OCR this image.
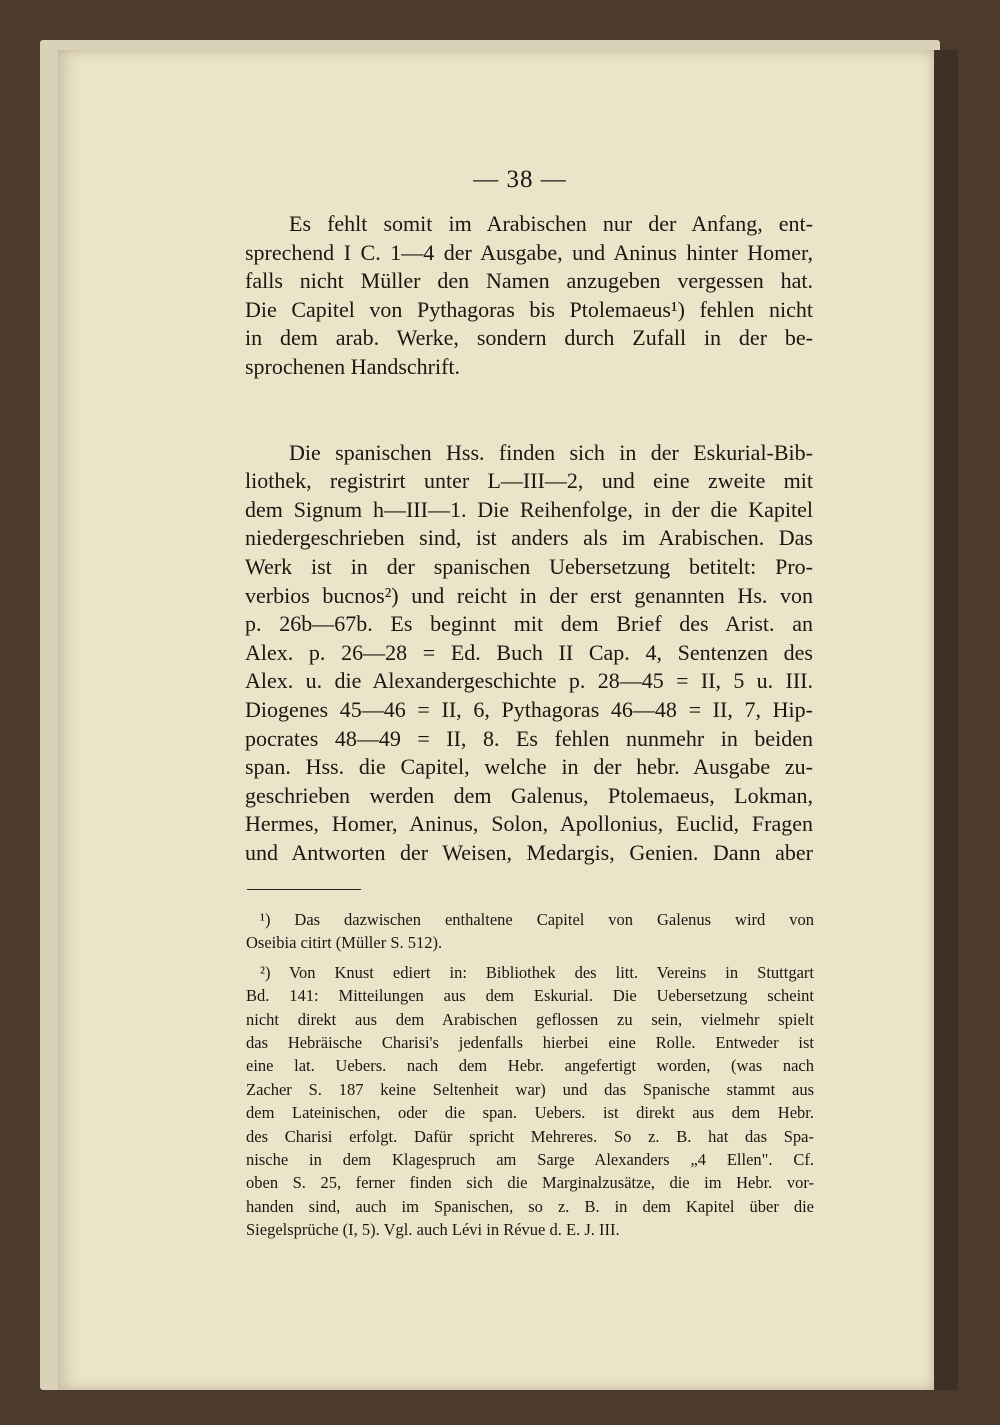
— 38 —
Es fehlt somit im Arabischen nur der Anfang, ent-
sprechend I C. 1—4 der Ausgabe, und Aninus hinter Homer,
falls nicht Müller den Namen anzugeben vergessen hat.
Die Capitel von Pythagoras bis Ptolemaeus¹) fehlen nicht
in dem arab. Werke, sondern durch Zufall in der be-
sprochenen Handschrift.
Die spanischen Hss. finden sich in der Eskurial-Bib-
liothek, registrirt unter L—III—2, und eine zweite mit
dem Signum h—III—1. Die Reihenfolge, in der die Kapitel
niedergeschrieben sind, ist anders als im Arabischen. Das
Werk ist in der spanischen Uebersetzung betitelt: Pro-
verbios bucnos²) und reicht in der erst genannten Hs. von
p. 26b—67b. Es beginnt mit dem Brief des Arist. an
Alex. p. 26—28 = Ed. Buch II Cap. 4, Sentenzen des
Alex. u. die Alexandergeschichte p. 28—45 = II, 5 u. III.
Diogenes 45—46 = II, 6, Pythagoras 46—48 = II, 7, Hip-
pocrates 48—49 = II, 8. Es fehlen nunmehr in beiden
span. Hss. die Capitel, welche in der hebr. Ausgabe zu-
geschrieben werden dem Galenus, Ptolemaeus, Lokman,
Hermes, Homer, Aninus, Solon, Apollonius, Euclid, Fragen
und Antworten der Weisen, Medargis, Genien. Dann aber
¹) Das dazwischen enthaltene Capitel von Galenus wird von
Oseibia citirt (Müller S. 512).
²) Von Knust ediert in: Bibliothek des litt. Vereins in Stuttgart
Bd. 141: Mitteilungen aus dem Eskurial. Die Uebersetzung scheint
nicht direkt aus dem Arabischen geflossen zu sein, vielmehr spielt
das Hebräische Charisi's jedenfalls hierbei eine Rolle. Entweder ist
eine lat. Uebers. nach dem Hebr. angefertigt worden, (was nach
Zacher S. 187 keine Seltenheit war) und das Spanische stammt aus
dem Lateinischen, oder die span. Uebers. ist direkt aus dem Hebr.
des Charisi erfolgt. Dafür spricht Mehreres. So z. B. hat das Spa-
nische in dem Klagespruch am Sarge Alexanders „4 Ellen". Cf.
oben S. 25, ferner finden sich die Marginalzusätze, die im Hebr. vor-
handen sind, auch im Spanischen, so z. B. in dem Kapitel über die
Siegelsprüche (I, 5). Vgl. auch Lévi in Révue d. E. J. III.
